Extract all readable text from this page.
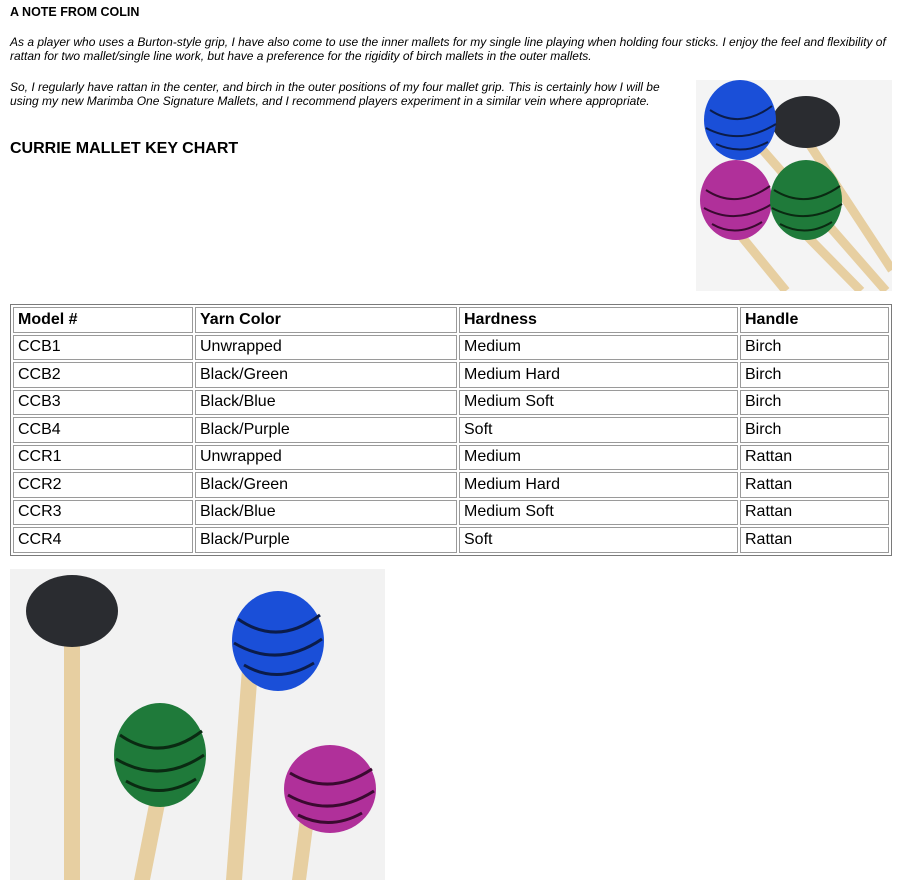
A NOTE FROM COLIN

As a player who uses a Burton-style grip, I have also come to use the inner mallets for my single line playing when holding four sticks. I enjoy the feel and flexibility of rattan for two mallet/single line work, but have a preference for the rigidity of birch mallets in the outer mallets.

So, I regularly have rattan in the center, and birch in the outer positions of my four mallet grip. This is certainly how I will be using my new Marimba One Signature Mallets, and I recommend players experiment in a similar vein where appropriate.

CURRIE MALLET KEY CHART
Model #	Yarn Color	Hardness	Handle
CCB1	Unwrapped	Medium	Birch
CCB2	Black/Green	Medium Hard	Birch
CCB3	Black/Blue	Medium Soft	Birch
CCB4	Black/Purple	Soft	Birch
CCR1	Unwrapped	Medium	Rattan
CCR2	Black/Green	Medium Hard	Rattan
CCR3	Black/Blue	Medium Soft	Rattan
CCR4	Black/Purple	Soft	Rattan
